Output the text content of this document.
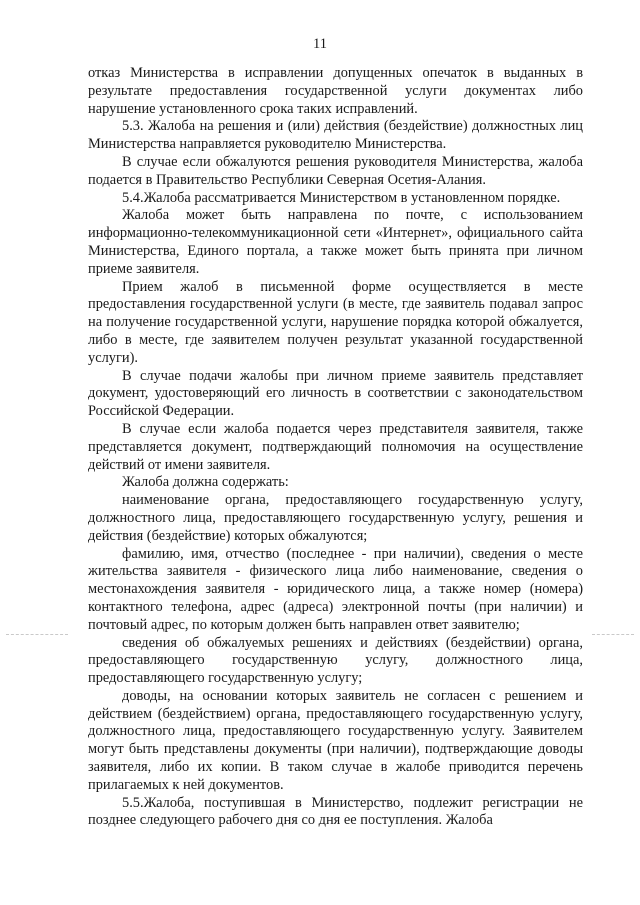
11

отказ Министерства в исправлении допущенных опечаток в выданных в результате предоставления государственной услуги документах либо нарушение установленного срока таких исправлений.

5.3. Жалоба на решения и (или) действия (бездействие) должностных лиц Министерства направляется руководителю Министерства.

В случае если обжалуются решения руководителя Министерства, жалоба подается в Правительство Республики Северная Осетия-Алания.

5.4.Жалоба рассматривается Министерством в установленном порядке.

Жалоба может быть направлена по почте, с использованием информационно-телекоммуникационной сети «Интернет», официального сайта Министерства, Единого портала, а также может быть принята при личном приеме заявителя.

Прием жалоб в письменной форме осуществляется в месте предоставления государственной услуги (в месте, где заявитель подавал запрос на получение государственной услуги, нарушение порядка которой обжалуется, либо в месте, где заявителем получен результат указанной государственной услуги).

В случае подачи жалобы при личном приеме заявитель представляет документ, удостоверяющий его личность в соответствии с законодательством Российской Федерации.

В случае если жалоба подается через представителя заявителя, также представляется документ, подтверждающий полномочия на осуществление действий от имени заявителя.

Жалоба должна содержать:

наименование органа, предоставляющего государственную услугу, должностного лица, предоставляющего государственную услугу, решения и действия (бездействие) которых обжалуются;

фамилию, имя, отчество (последнее - при наличии), сведения о месте жительства заявителя - физического лица либо наименование, сведения о местонахождения заявителя - юридического лица, а также номер (номера) контактного телефона, адрес (адреса) электронной почты (при наличии) и почтовый адрес, по которым должен быть направлен ответ заявителю;

сведения об обжалуемых решениях и действиях (бездействии) органа, предоставляющего государственную услугу, должностного лица, предоставляющего государственную услугу;

доводы, на основании которых заявитель не согласен с решением и действием (бездействием) органа, предоставляющего государственную услугу, должностного лица, предоставляющего государственную услугу. Заявителем могут быть представлены документы (при наличии), подтверждающие доводы заявителя, либо их копии. В таком случае в жалобе приводится перечень прилагаемых к ней документов.

5.5.Жалоба, поступившая в Министерство, подлежит регистрации не позднее следующего рабочего дня со дня ее поступления. Жалоба
